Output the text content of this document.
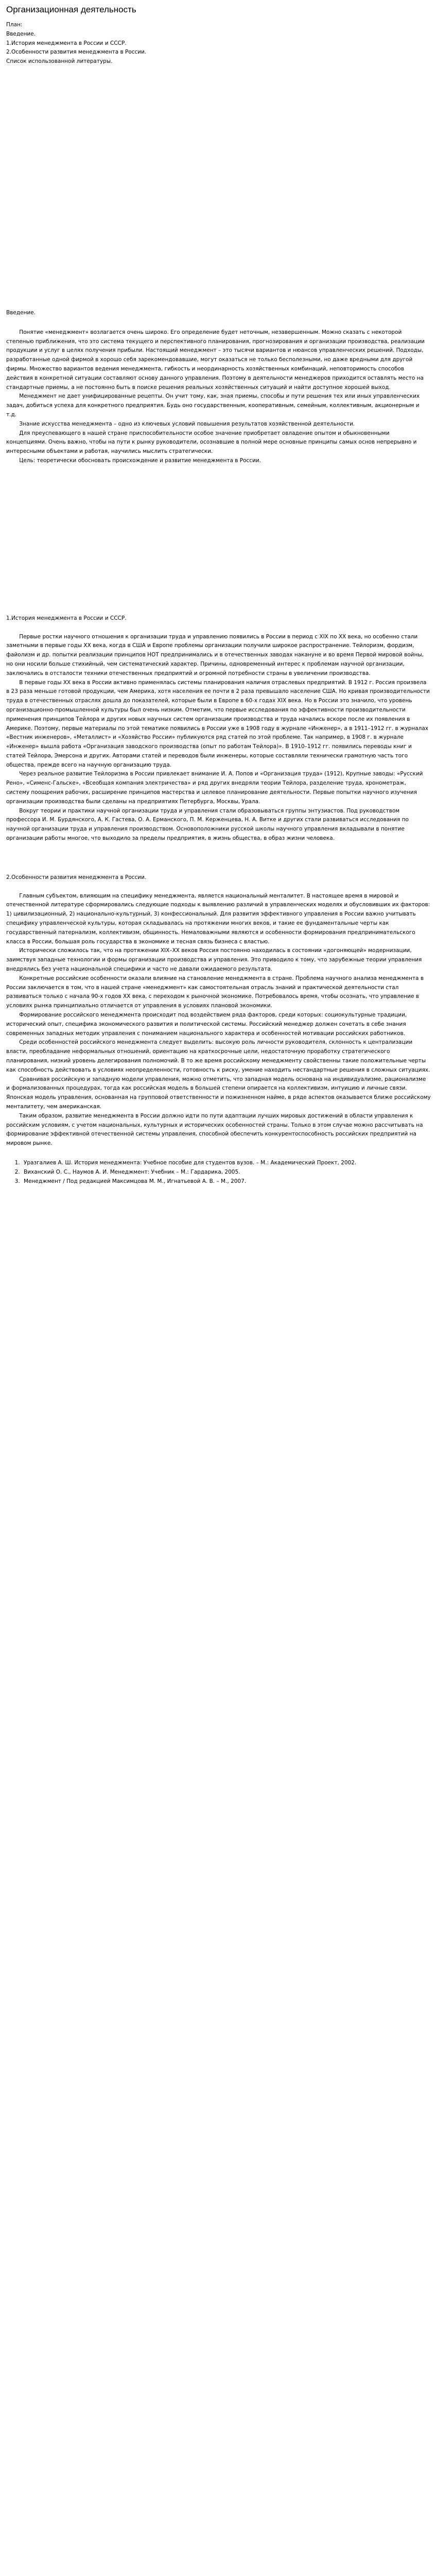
Организационная деятельность

План:

Введение.

1.История менеджмента в России и СССР.

2.Особенности развития менеджмента в России.

Список использованной литературы.

Введение.

Понятие «менеджмент» возлагается очень широко. Его определение будет неточным, незавершенным. Можно сказать с некоторой степенью приближения, что это система текущего и перспективного планирования, прогнозирования и организации производства, реализации продукции и услуг в целях получения прибыли. Настоящий менеджмент – это тысячи вариантов и нюансов управленческих решений. Подходы, разработанные одной фирмой в хорошо себя зарекомендовавшие, могут оказаться не только бесполезными, но даже вредными для другой фирмы. Множество вариантов ведения менеджмента, гибкость и неординарность хозяйственных комбинаций, неповторимость способов действия в конкретной ситуации составляют основу данного управления. Поэтому в деятельности менеджеров приходится оставлять место на стандартные приемы, а не постоянно быть в поиске решения реальных хозяйственных ситуаций и найти доступное хорошей выход.

Менеджмент не дает унифицированные рецепты. Он учит тому, как, зная приемы, способы и пути решения тех или иных управленческих задач, добиться успеха для конкретного предприятия. Будь оно государственным, кооперативным, семейным, коллективным, акционерным и т.д.

Знание искусства менеджмента – одно из ключевых условий повышения результатов хозяйственной деятельности.

Для преуспевающего в нашей стране приспособительности особое значение приобретает овладение опытом и обыкновенными концепциями. Очень важно, чтобы на пути к рынку руководители, осознавшие в полной мере основные принципы самых основ непрерывно и интересными объектами и работая, научились мыслить стратегически.

Цель: теоретически обосновать происхождение и развитие менеджмента в России.

1.История менеджмента в России и СССР.

Первые ростки научного отношения к организации труда и управлению появились в России в период с XIX по XX века, но особенно стали заметными в первые годы XX века, когда в США и Европе проблемы организации получили широкое распространение. Тейлоризм, фордизм, файолизм и др. попытки реализации принципов НОТ предпринимались и в отечественных заводах накануне и во время Первой мировой войны, но они носили больше стихийный, чем систематический характер. Причины, одновременный интерес к проблемам научной организации, заключались в отсталости техники отечественных предприятий и огромной потребности страны в увеличении производства.

В первые годы XX века в России активно применялась системы планирования наличия отраслевых предприятий. В 1912 г. Россия произвела в 23 раза меньше готовой продукции, чем Америка, хотя населения ее почти в 2 раза превышало население США. Но кривая производительности труда в отечественных отраслях дошла до показателей, которые были в Европе в 60-х годах XIX века. Но в России это значило, что уровень организационно-промышленной культуры был очень низким. Отметим, что первые исследования по эффективности производительности применения принципов Тейлора и других новых научных систем организации производства и труда начались вскоре после их появления в Америке. Поэтому, первые материалы по этой тематике появились в России уже в 1908 году в журнале «Инженер», а в 1911–1912 гг. в журналах «Вестник инженеров», «Металлист» и «Хозяйство России» публикуются ряд статей по этой проблеме. Так например, в 1908 г. в журнале «Инженер» вышла работа «Организация заводского производства (опыт по работам Тейлора)». В 1910–1912 гг. появились переводы книг и статей Тейлора, Эмерсона и других. Авторами статей и переводов были инженеры, которые составляли технически грамотную часть того общества, прежде всего на научную организацию труда.

Через реальное развитие Тейлоризма в России привлекает внимание И. А. Попов и «Организация труда» (1912), Крупные заводы: «Русский Рено», «Сименс-Гальске», «Всеобщая компания электричества» и ряд других внедряли теории Тейлора, разделение труда, хронометраж, систему поощрения рабочих, расширение принципов мастерства и целевое планирование деятельности. Первые попытки научного изучения организации производства были сделаны на предприятиях Петербурга, Москвы, Урала.

Вокруг теории и практики научной организации труда и управления стали образовываться группы энтузиастов. Под руководством профессора И. М. Бурдянского, А. К. Гастева, О. А. Ерманского, П. М. Керженцева, Н. А. Витке и других стали развиваться исследования по научной организации труда и управления производством. Основоположники русской школы научного управления вкладывали в понятие организации работы многое, что выходило за пределы предприятия, в жизнь общества, в образ жизни человека.

2.Особенности развития менеджмента в России.

Главным субъектом, влияющим на специфику менеджмента, является национальный менталитет. В настоящее время в мировой и отечественной литературе сформировались следующие подходы к выявлению различий в управленческих моделях и обусловивших их факторов: 1) цивилизационный, 2) национально-культурный, 3) конфессиональный. Для развития эффективного управления в России важно учитывать специфику управленческой культуры, которая складывалась на протяжении многих веков, и такие ее фундаментальные черты как государственный патернализм, коллективизм, общинность. Немаловажными являются и особенности формирования предпринимательского класса в России, большая роль государства в экономике и тесная связь бизнеса с властью.

Исторически сложилось так, что на протяжении XIX–XX веков Россия постоянно находилась в состоянии «догоняющей» модернизации, заимствуя западные технологии и формы организации производства и управления. Это приводило к тому, что зарубежные теории управления внедрялись без учета национальной специфики и часто не давали ожидаемого результата.

Конкретные российские особенности оказали влияние на становление менеджмента в стране. Проблема научного анализа менеджмента в России заключается в том, что в нашей стране «менеджмент» как самостоятельная отрасль знаний и практической деятельности стал развиваться только с начала 90-х годов XX века, с переходом к рыночной экономике. Потребовалось время, чтобы осознать, что управление в условиях рынка принципиально отличается от управления в условиях плановой экономики.

Формирование российского менеджмента происходит под воздействием ряда факторов, среди которых: социокультурные традиции, исторический опыт, специфика экономического развития и политической системы. Российский менеджер должен сочетать в себе знания современных западных методик управления с пониманием национального характера и особенностей мотивации российских работников.

Среди особенностей российского менеджмента следует выделить: высокую роль личности руководителя, склонность к централизации власти, преобладание неформальных отношений, ориентацию на краткосрочные цели, недостаточную проработку стратегического планирования, низкий уровень делегирования полномочий. В то же время российскому менеджменту свойственны такие положительные черты как способность действовать в условиях неопределенности, готовность к риску, умение находить нестандартные решения в сложных ситуациях.

Сравнивая российскую и западную модели управления, можно отметить, что западная модель основана на индивидуализме, рационализме и формализованных процедурах, тогда как российская модель в большей степени опирается на коллективизм, интуицию и личные связи. Японская модель управления, основанная на групповой ответственности и пожизненном найме, в ряде аспектов оказывается ближе российскому менталитету, чем американская.

Таким образом, развитие менеджмента в России должно идти по пути адаптации лучших мировых достижений в области управления к российским условиям, с учетом национальных, культурных и исторических особенностей страны. Только в этом случае можно рассчитывать на формирование эффективной отечественной системы управления, способной обеспечить конкурентоспособность российских предприятий на мировом рынке.

1. Уразгалиев А. Ш. История менеджмента: Учебное пособие для студентов вузов. – М.: Академический Проект, 2002.
2. Виханский О. С., Наумов А. И. Менеджмент: Учебник – М.: Гардарика, 2005.
3. Менеджмент / Под редакцией Максимцова М. М., Игнатьевой А. В. – М., 2007.
